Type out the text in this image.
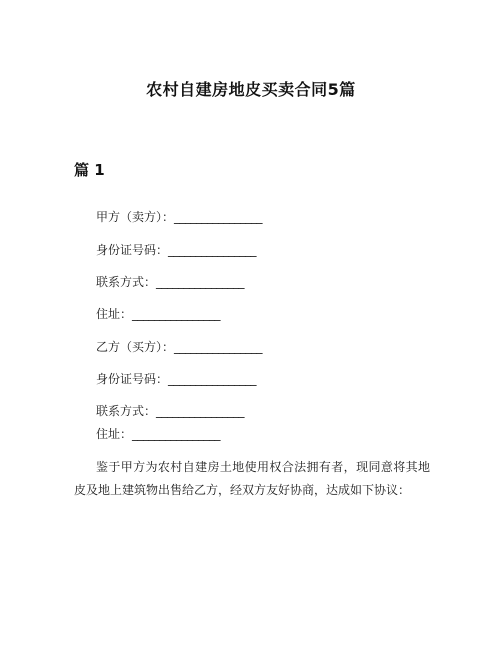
农村自建房地皮买卖合同5篇
篇 1
甲方（卖方）：________________
身份证号码：________________
联系方式：________________
住址：________________
乙方（买方）：________________
身份证号码：________________
联系方式：________________
住址：________________
鉴于甲方为农村自建房土地使用权合法拥有者，现同意将其地皮及地上建筑物出售给乙方，经双方友好协商，达成如下协议：
